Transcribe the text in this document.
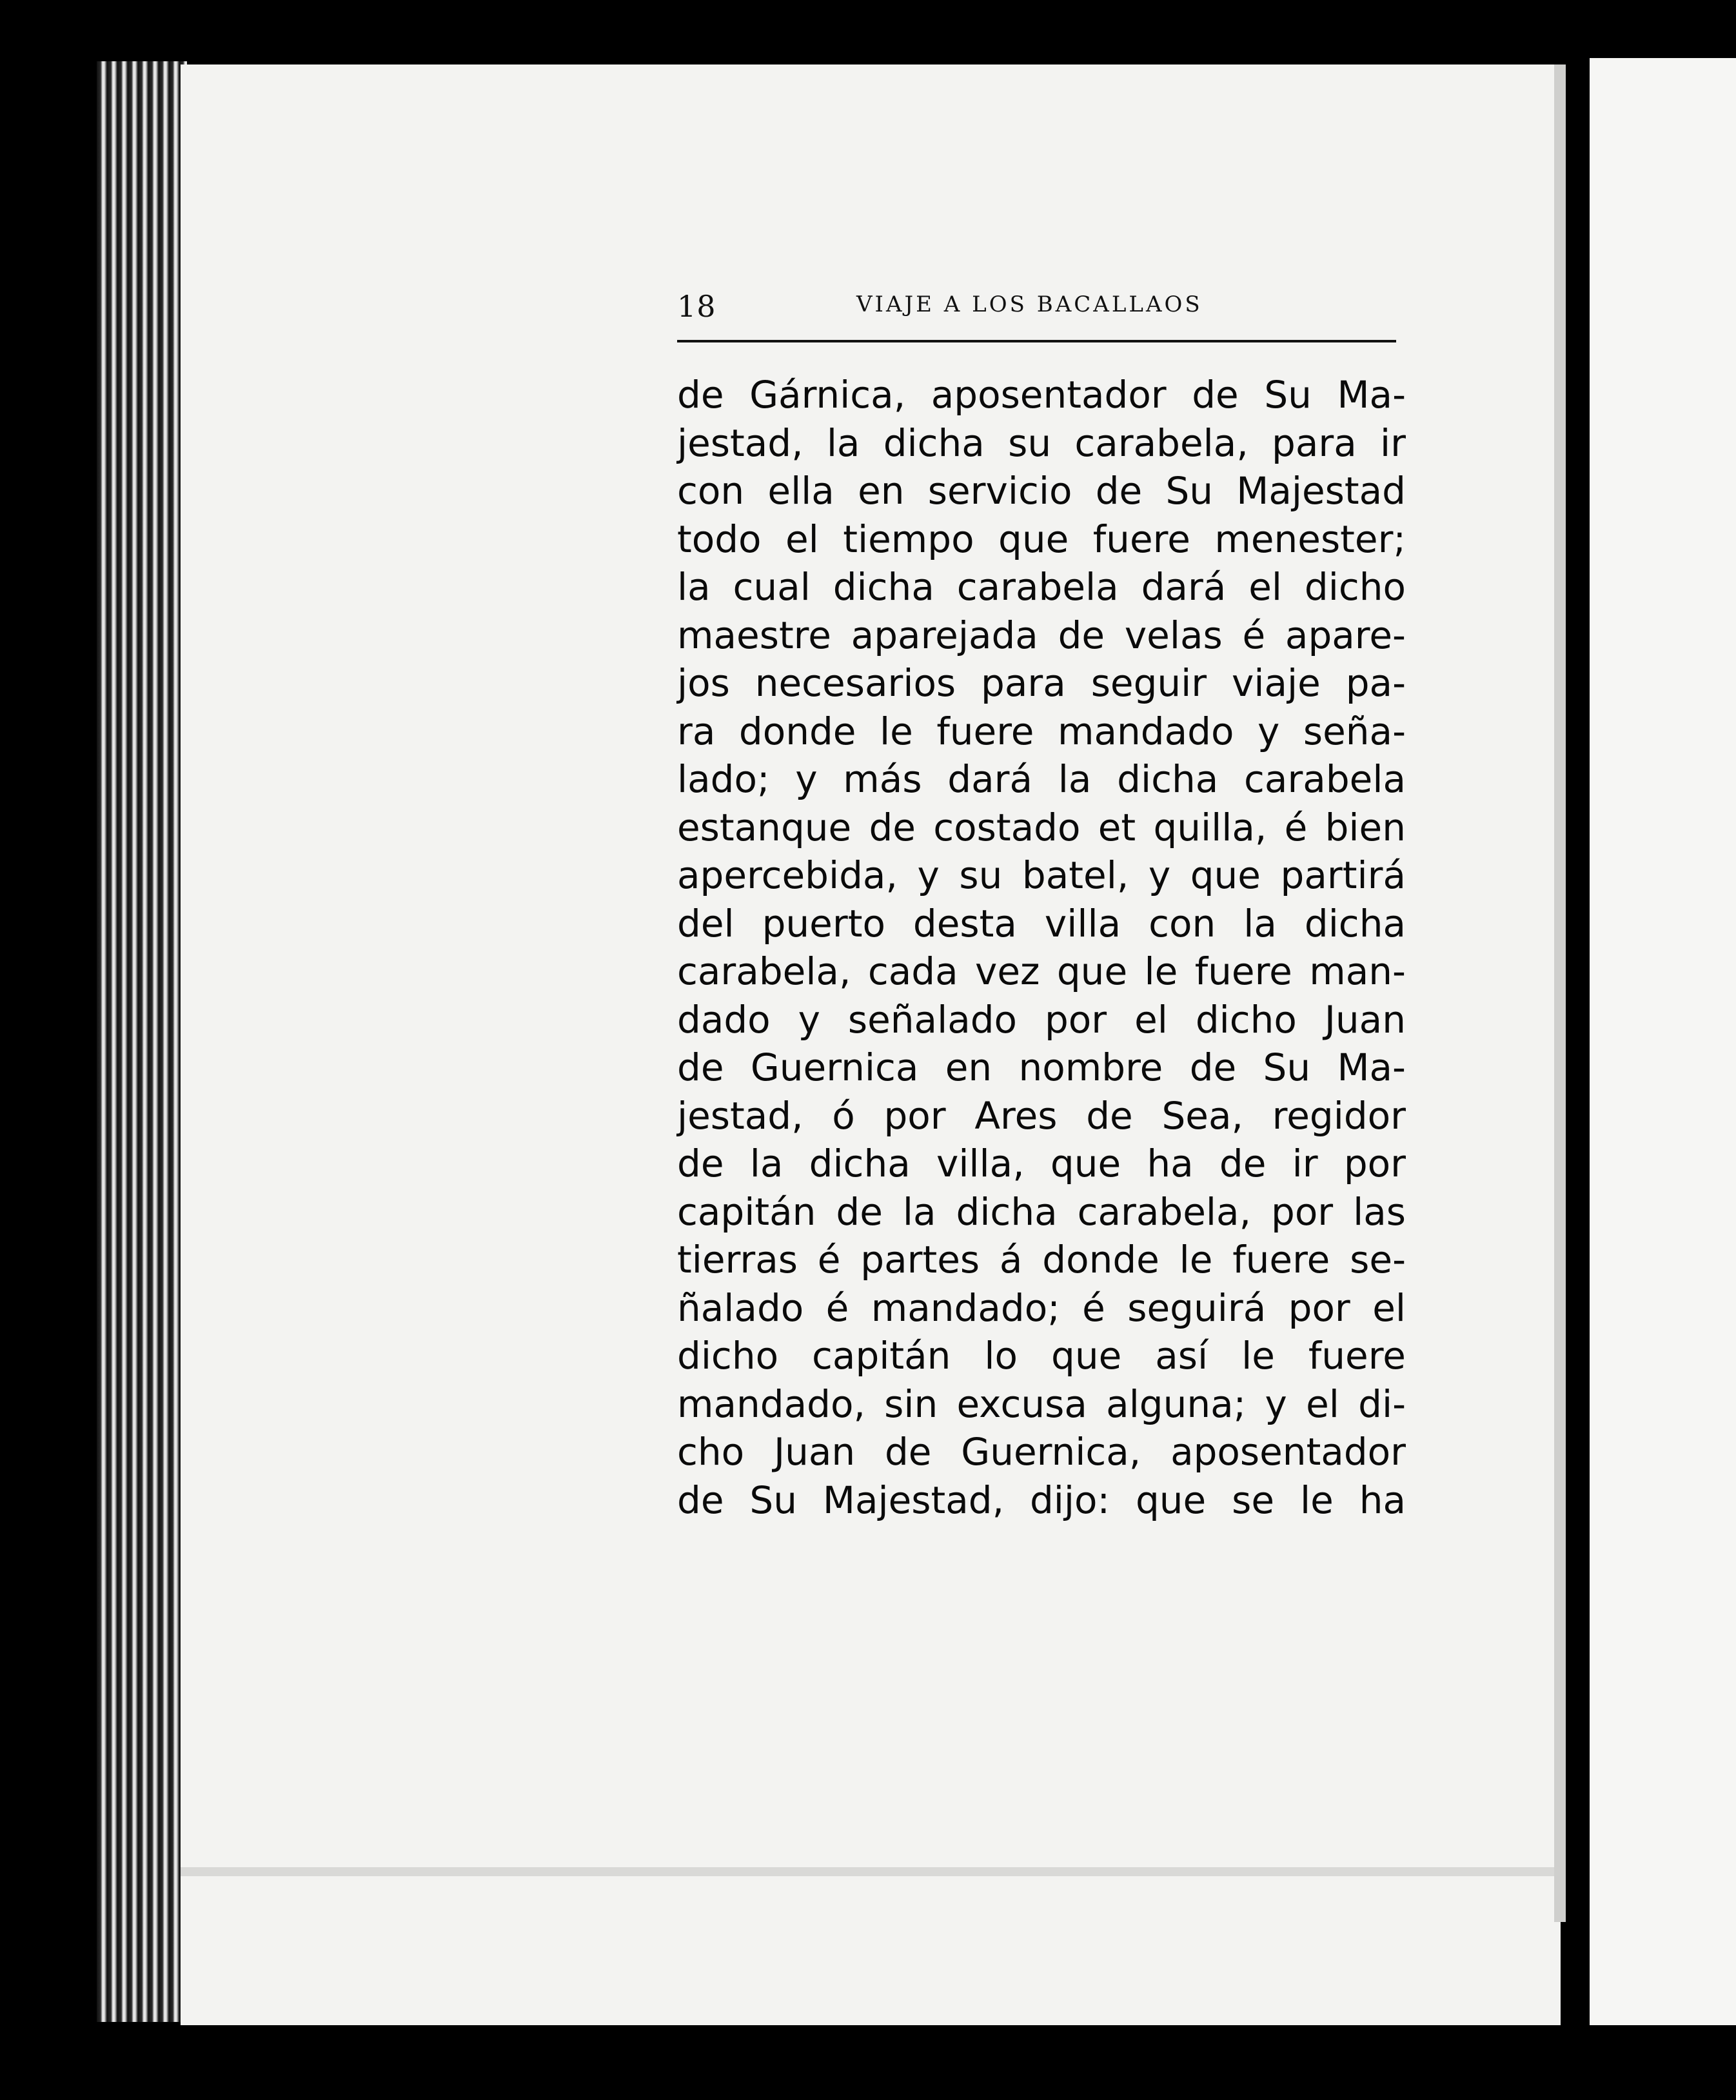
18	VIAJE A LOS BACALLAOS
de Gárnica, aposentador de Su Ma-
jestad, la dicha su carabela, para ir
con ella en servicio de Su Majestad
todo el tiempo que fuere menester;
la cual dicha carabela dará el dicho
maestre aparejada de velas é apare-
jos necesarios para seguir viaje pa-
ra donde le fuere mandado y seña-
lado; y más dará la dicha carabela
estanque de costado et quilla, é bien
apercebida, y su batel, y que partirá
del puerto desta villa con la dicha
carabela, cada vez que le fuere man-
dado y señalado por el dicho Juan
de Guernica en nombre de Su Ma-
jestad, ó por Ares de Sea, regidor
de la dicha villa, que ha de ir por
capitán de la dicha carabela, por las
tierras é partes á donde le fuere se-
ñalado é mandado; é seguirá por el
dicho capitán lo que así le fuere
mandado, sin excusa alguna; y el di-
cho Juan de Guernica, aposentador
de Su Majestad, dijo: que se le ha
